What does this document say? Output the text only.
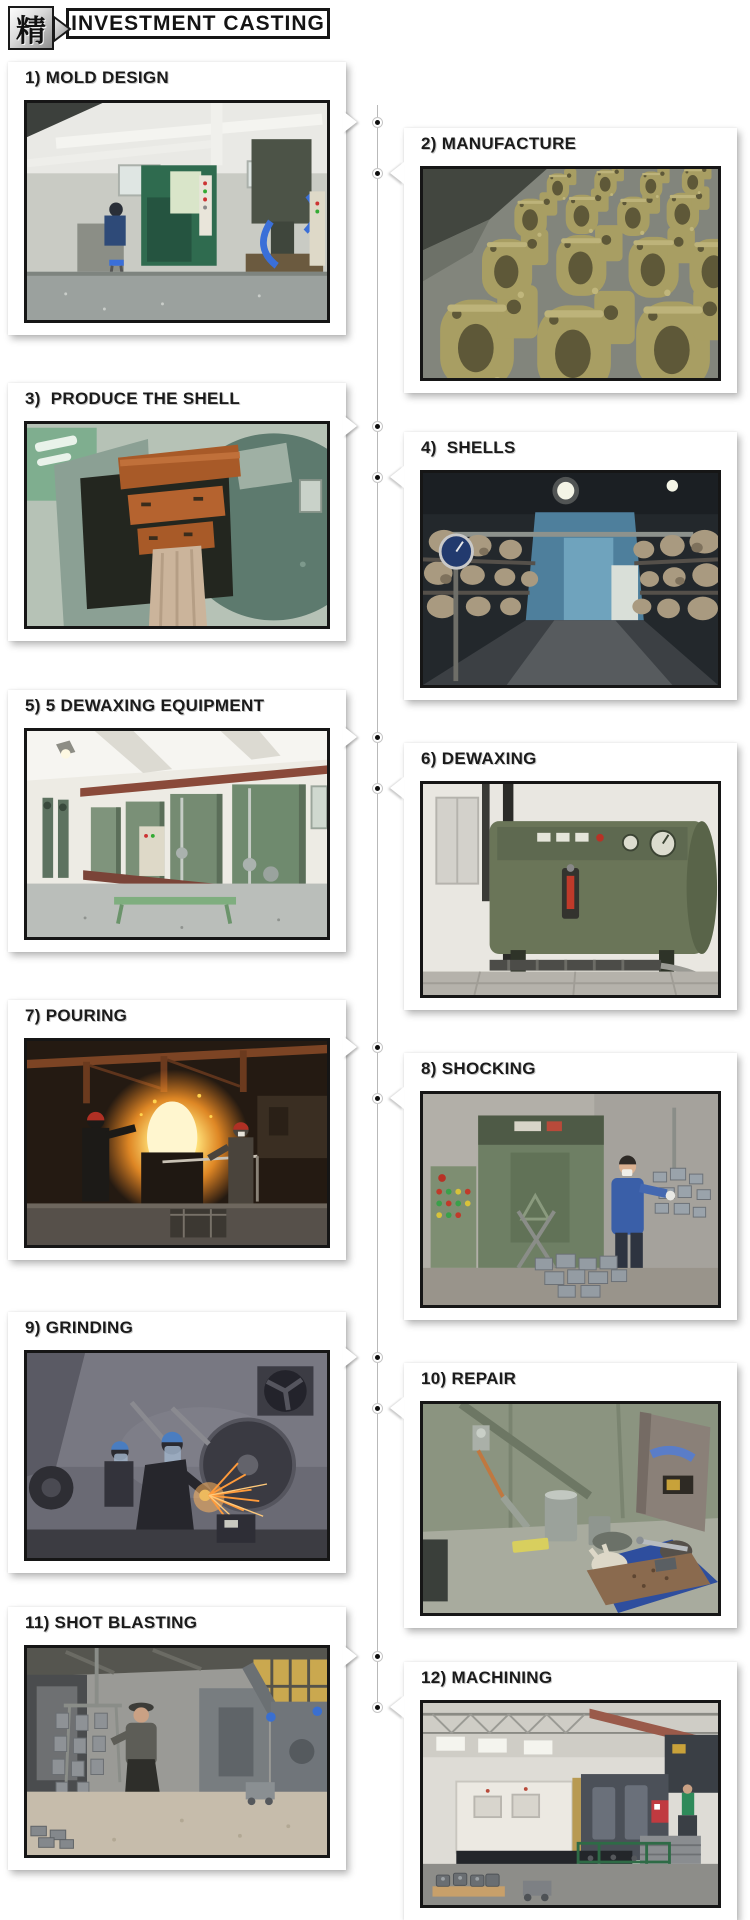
精 INVESTMENT CASTING
1) MOLD DESIGN
2) MANUFACTURE
3)  PRODUCE THE SHELL
4)  SHELLS
5) 5 DEWAXING EQUIPMENT
6) DEWAXING
7) POURING
8) SHOCKING
9) GRINDING
10) REPAIR
11) SHOT BLASTING
12) MACHINING
